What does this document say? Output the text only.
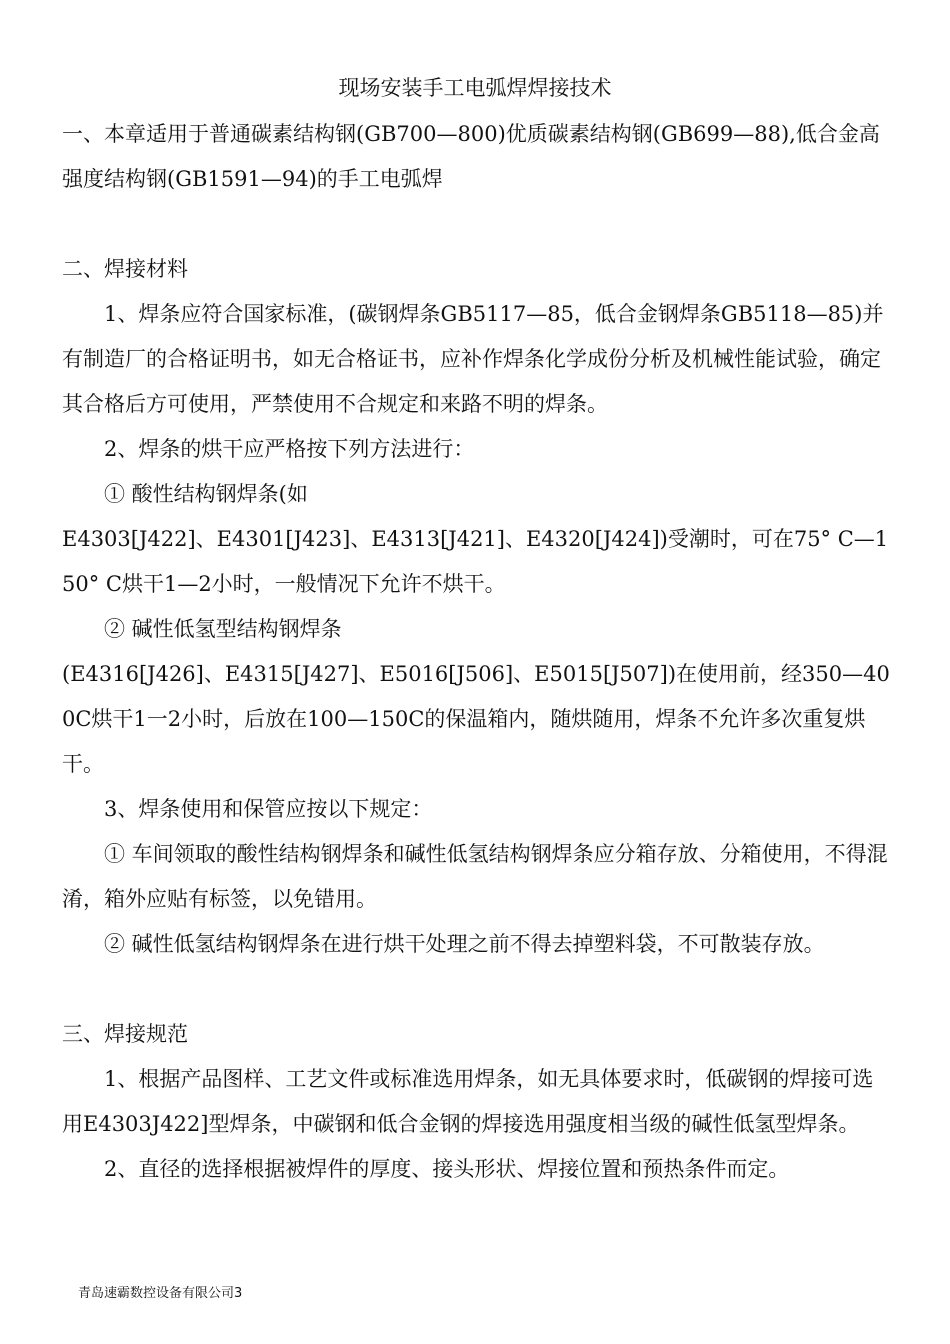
现场安装手工电弧焊焊接技术

一、本章适用于普通碳素结构钢(GB700—800)优质碳素结构钢(GB699—88),低合金高强度结构钢(GB1591—94)的手工电弧焊

二、焊接材料

1、焊条应符合国家标准，(碳钢焊条GB5117—85，低合金钢焊条GB5118—85)并有制造厂的合格证明书，如无合格证书，应补作焊条化学成份分析及机械性能试验，确定其合格后方可使用，严禁使用不合规定和来路不明的焊条。

2、焊条的烘干应严格按下列方法进行：

① 酸性结构钢焊条(如

E4303[J422]、E4301[J423]、E4313[J421]、E4320[J424])受潮时，可在75° C—150° C烘干1—2小时，一般情况下允许不烘干。

② 碱性低氢型结构钢焊条

(E4316[J426]、E4315[J427]、E5016[J506]、E5015[J507])在使用前，经350—400C烘干1一2小时，后放在100—150C的保温箱内，随烘随用，焊条不允许多次重复烘干。

3、焊条使用和保管应按以下规定：

① 车间领取的酸性结构钢焊条和碱性低氢结构钢焊条应分箱存放、分箱使用，不得混淆，箱外应贴有标签，以免错用。

② 碱性低氢结构钢焊条在进行烘干处理之前不得去掉塑料袋，不可散装存放。

三、焊接规范

1、根据产品图样、工艺文件或标准选用焊条，如无具体要求时，低碳钢的焊接可选用E4303J422]型焊条，中碳钢和低合金钢的焊接选用强度相当级的碱性低氢型焊条。

2、直径的选择根据被焊件的厚度、接头形状、焊接位置和预热条件而定。

青岛速霸数控设备有限公司3
